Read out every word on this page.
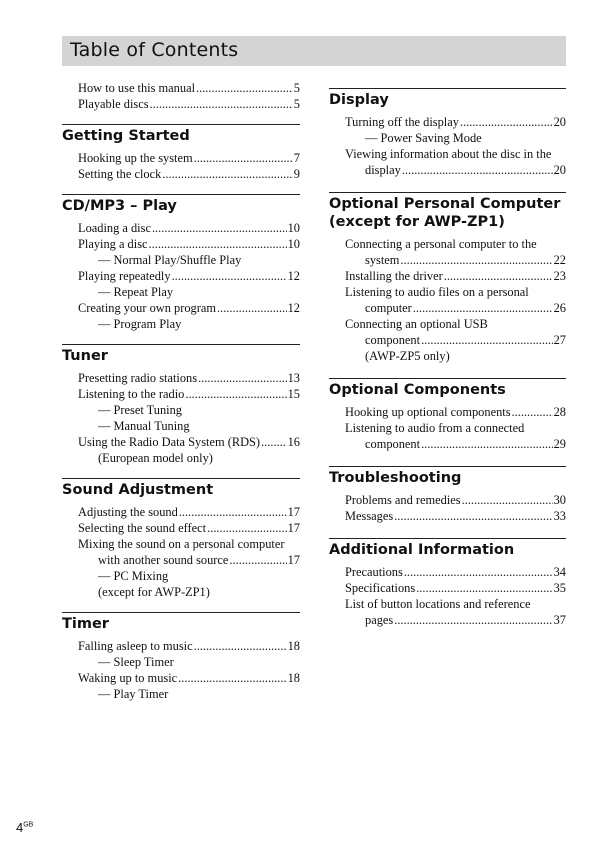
Table of Contents
How to use this manual .....	5
Playable discs .....	5
Getting Started
Hooking up the system .....	7
Setting the clock .....	9
CD/MP3 – Play
Loading a disc .....	10
Playing a disc .....	10
— Normal Play/Shuffle Play
Playing repeatedly .....	12
— Repeat Play
Creating your own program .....	12
— Program Play
Tuner
Presetting radio stations .....	13
Listening to the radio .....	15
— Preset Tuning
— Manual Tuning
Using the Radio Data System (RDS) ..... 16
(European model only)
Sound Adjustment
Adjusting the sound .....	17
Selecting the sound effect .....	17
Mixing the sound on a personal computer
with another sound source .....	17
— PC Mixing
(except for AWP-ZP1)
Timer
Falling asleep to music .....	18
— Sleep Timer
Waking up to music .....	18
— Play Timer
Display
Turning off the display .....	20
— Power Saving Mode
Viewing information about the disc in the
display .....	20
Optional Personal Computer (except for AWP-ZP1)
Connecting a personal computer to the
system .....	22
Installing the driver .....	23
Listening to audio files on a personal
computer .....	26
Connecting an optional USB
component .....	27
(AWP-ZP5 only)
Optional Components
Hooking up optional components .....	28
Listening to audio from a connected
component .....	29
Troubleshooting
Problems and remedies .....	30
Messages .....	33
Additional Information
Precautions .....	34
Specifications .....	35
List of button locations and reference
pages .....	37
$4^{GB}$
